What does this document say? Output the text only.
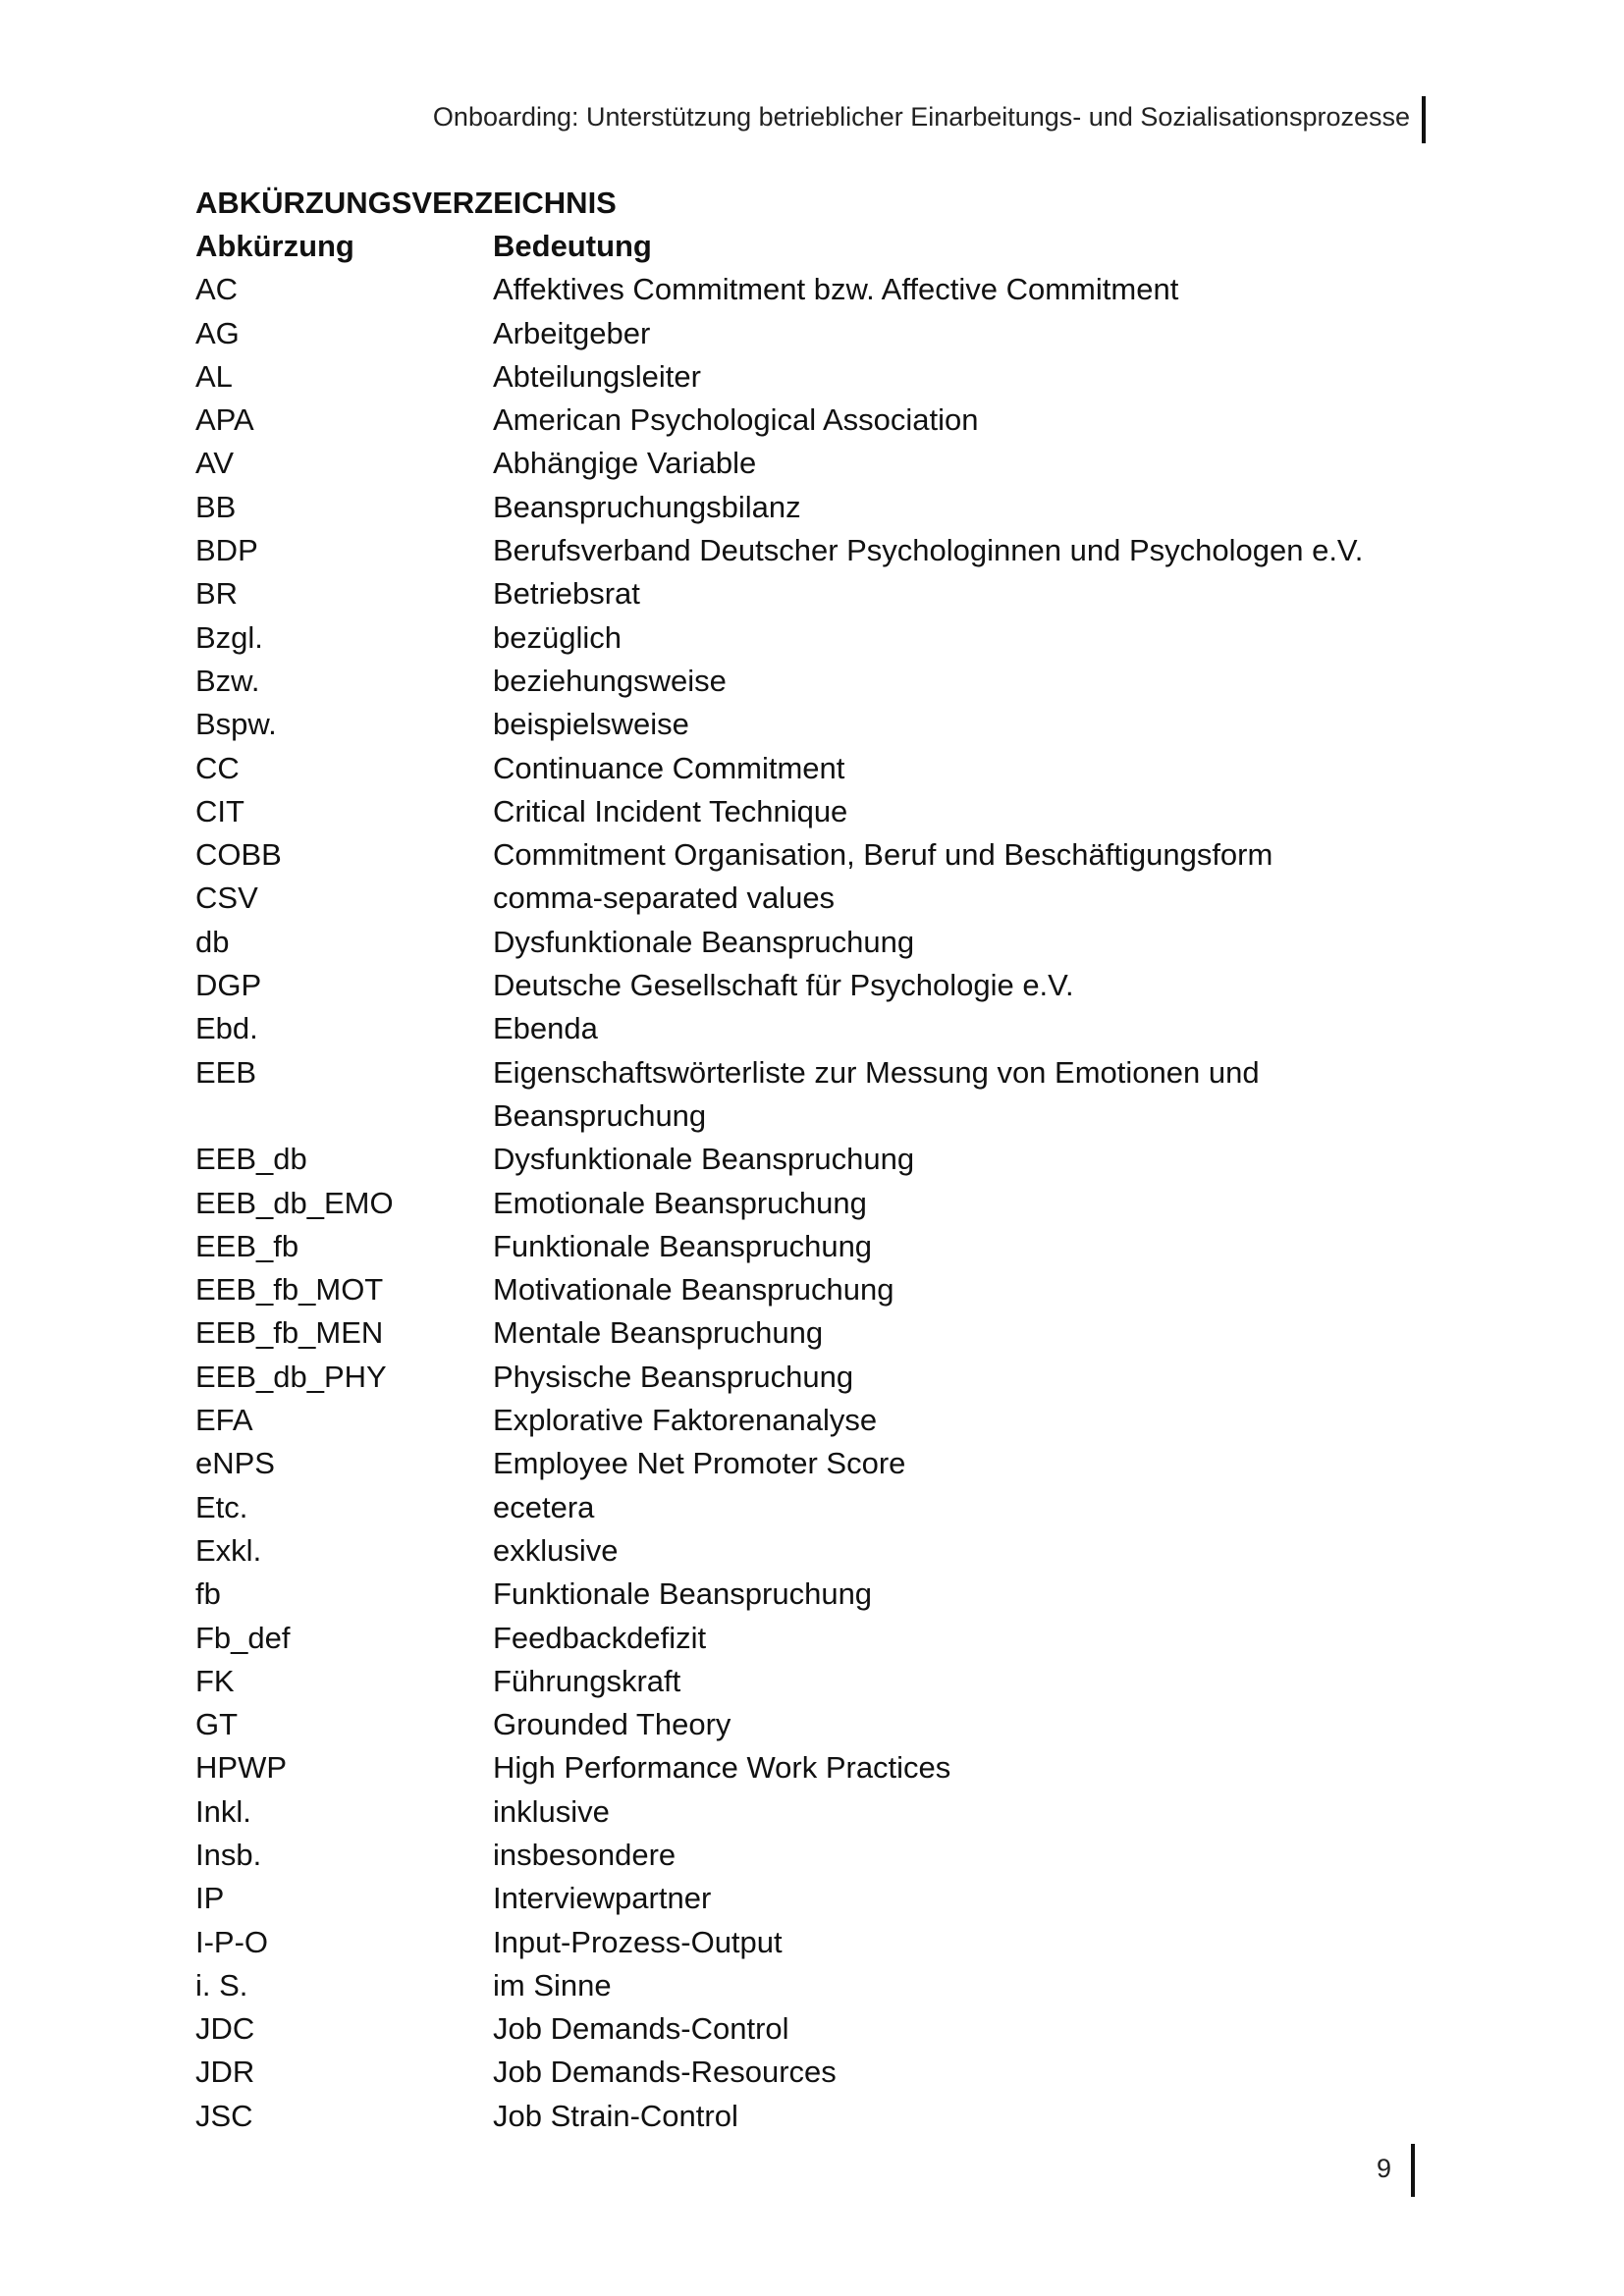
Onboarding: Unterstützung betrieblicher Einarbeitungs- und Sozialisationsprozesse
ABKÜRZUNGSVERZEICHNIS
Abkürzung	Bedeutung
AC	Affektives Commitment bzw. Affective Commitment
AG	Arbeitgeber
AL	Abteilungsleiter
APA	American Psychological Association
AV	Abhängige Variable
BB	Beanspruchungsbilanz
BDP	Berufsverband Deutscher Psychologinnen und Psychologen e.V.
BR	Betriebsrat
Bzgl.	bezüglich
Bzw.	beziehungsweise
Bspw.	beispielsweise
CC	Continuance Commitment
CIT	Critical Incident Technique
COBB	Commitment Organisation, Beruf und Beschäftigungsform
CSV	comma-separated values
db	Dysfunktionale Beanspruchung
DGP	Deutsche Gesellschaft für Psychologie e.V.
Ebd.	Ebenda
EEB	Eigenschaftswörterliste zur Messung von Emotionen und
Beanspruchung
EEB_db	Dysfunktionale Beanspruchung
EEB_db_EMO	Emotionale Beanspruchung
EEB_fb	Funktionale Beanspruchung
EEB_fb_MOT	Motivationale Beanspruchung
EEB_fb_MEN	Mentale Beanspruchung
EEB_db_PHY	Physische Beanspruchung
EFA	Explorative Faktorenanalyse
eNPS	Employee Net Promoter Score
Etc.	ecetera
Exkl.	exklusive
fb	Funktionale Beanspruchung
Fb_def	Feedbackdefizit
FK	Führungskraft
GT	Grounded Theory
HPWP	High Performance Work Practices
Inkl.	inklusive
Insb.	insbesondere
IP	Interviewpartner
I-P-O	Input-Prozess-Output
i. S.	im Sinne
JDC	Job Demands-Control
JDR	Job Demands-Resources
JSC	Job Strain-Control
9
